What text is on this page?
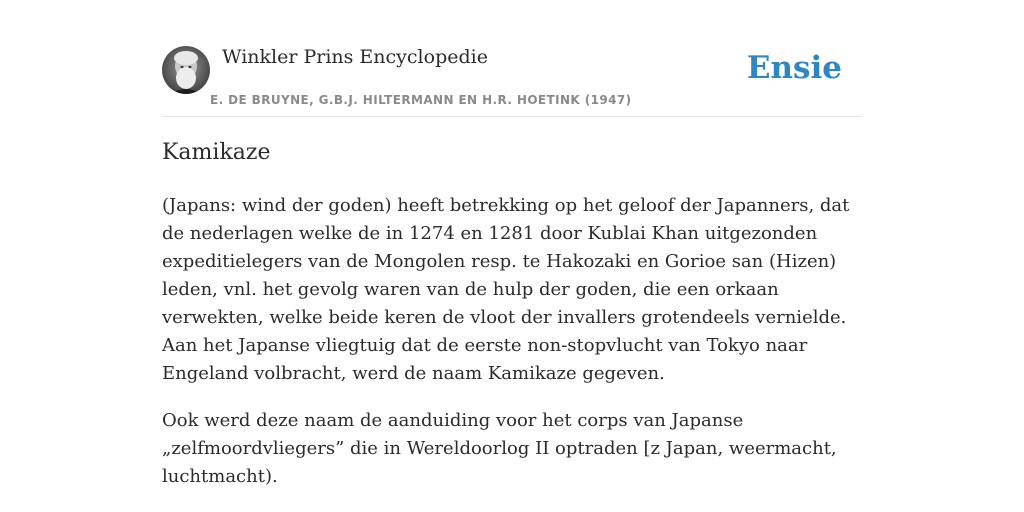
Winkler Prins Encyclopedie
E. DE BRUYNE, G.B.J. HILTERMANN EN H.R. HOETINK (1947)
Ensie
Kamikaze

(Japans: wind der goden) heeft betrekking op het geloof der Japanners, dat de nederlagen welke de in 1274 en 1281 door Kublai Khan uitgezonden expeditielegers van de Mongolen resp. te Hakozaki en Gorioe san (Hizen) leden, vnl. het gevolg waren van de hulp der goden, die een orkaan verwekten, welke beide keren de vloot der invallers grotendeels vernielde. Aan het Japanse vliegtuig dat de eerste non-stopvlucht van Tokyo naar Engeland volbracht, werd de naam Kamikaze gegeven.

Ook werd deze naam de aanduiding voor het corps van Japanse „zelfmoordvliegers” die in Wereldoorlog II optraden [z Japan, weermacht, luchtmacht).
